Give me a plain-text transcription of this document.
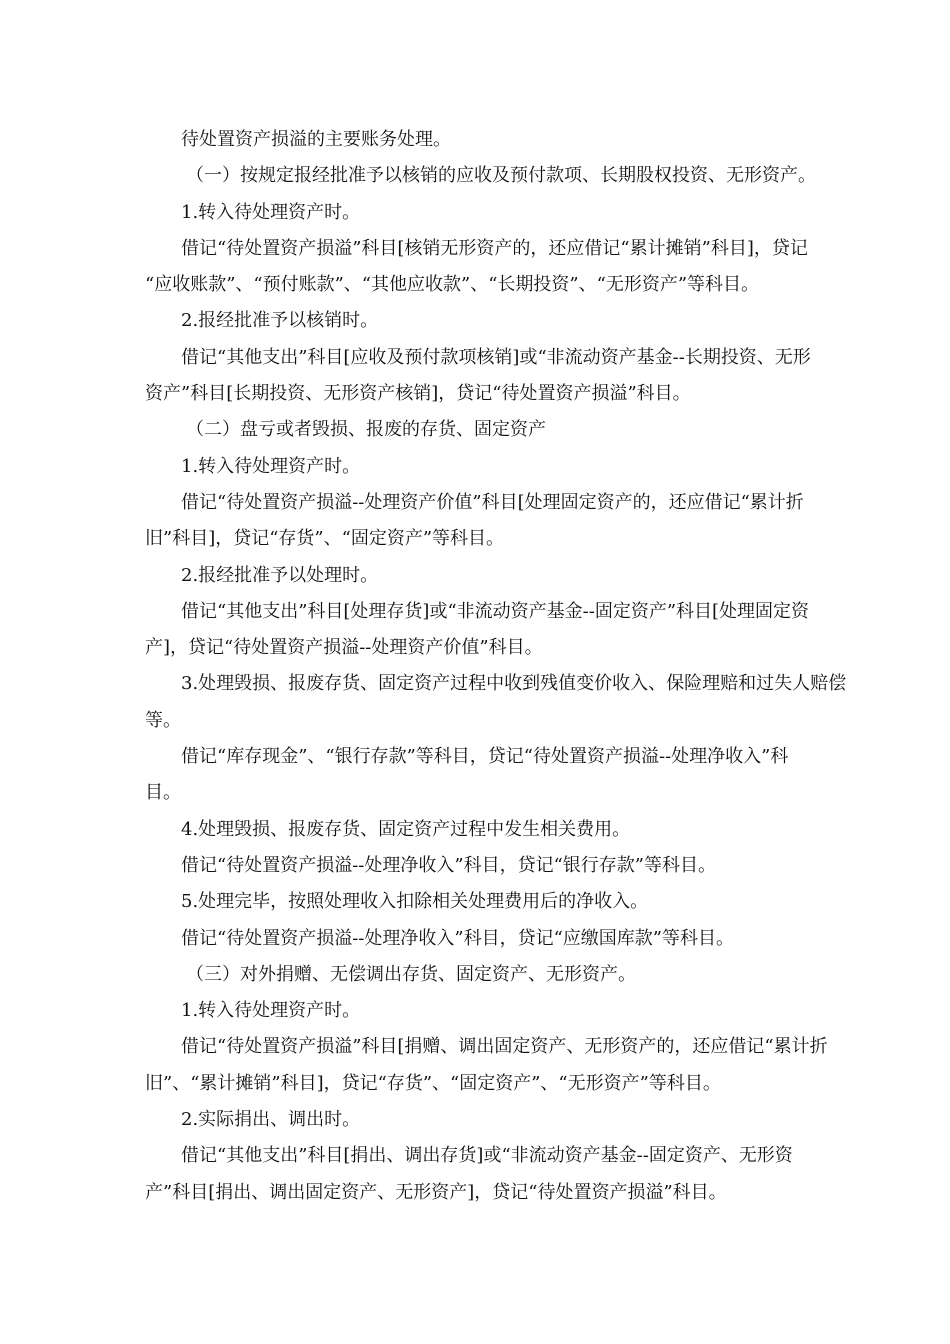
待处置资产损溢的主要账务处理。

（一）按规定报经批准予以核销的应收及预付款项、长期股权投资、无形资产。

1.转入待处理资产时。

借记“待处置资产损溢”科目[核销无形资产的，还应借记“累计摊销”科目]，贷记

“应收账款”、“预付账款”、“其他应收款”、“长期投资”、“无形资产”等科目。

2.报经批准予以核销时。

借记“其他支出”科目[应收及预付款项核销]或“非流动资产基金--长期投资、无形

资产”科目[长期投资、无形资产核销]，贷记“待处置资产损溢”科目。

（二）盘亏或者毁损、报废的存货、固定资产

1.转入待处理资产时。

借记“待处置资产损溢--处理资产价值”科目[处理固定资产的，还应借记“累计折

旧”科目]，贷记“存货”、“固定资产”等科目。

2.报经批准予以处理时。

借记“其他支出”科目[处理存货]或“非流动资产基金--固定资产”科目[处理固定资

产]，贷记“待处置资产损溢--处理资产价值”科目。

3.处理毁损、报废存货、固定资产过程中收到残值变价收入、保险理赔和过失人赔偿

等。

借记“库存现金”、“银行存款”等科目，贷记“待处置资产损溢--处理净收入”科

目。

4.处理毁损、报废存货、固定资产过程中发生相关费用。

借记“待处置资产损溢--处理净收入”科目，贷记“银行存款”等科目。

5.处理完毕，按照处理收入扣除相关处理费用后的净收入。

借记“待处置资产损溢--处理净收入”科目，贷记“应缴国库款”等科目。

（三）对外捐赠、无偿调出存货、固定资产、无形资产。

1.转入待处理资产时。

借记“待处置资产损溢”科目[捐赠、调出固定资产、无形资产的，还应借记“累计折

旧”、“累计摊销”科目]，贷记“存货”、“固定资产”、“无形资产”等科目。

2.实际捐出、调出时。

借记“其他支出”科目[捐出、调出存货]或“非流动资产基金--固定资产、无形资

产”科目[捐出、调出固定资产、无形资产]，贷记“待处置资产损溢”科目。
